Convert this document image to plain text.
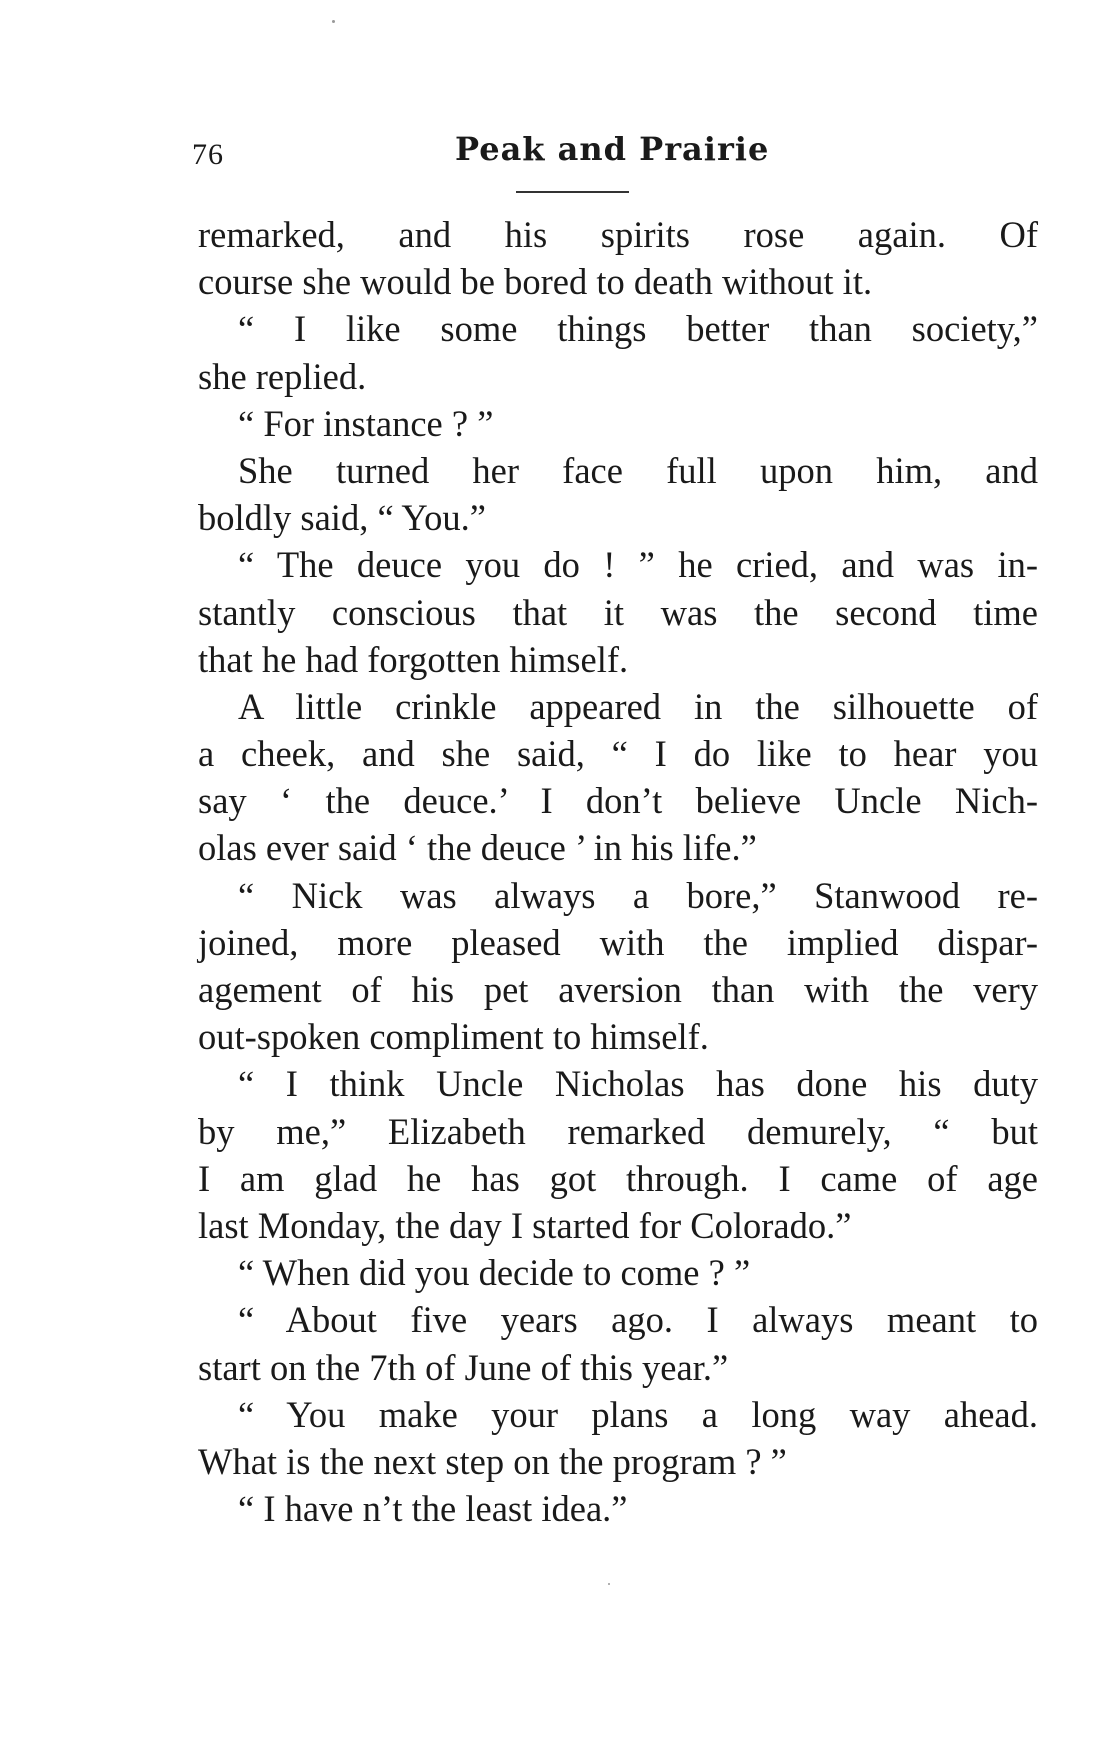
76	Peak and Prairie
remarked, and his spirits rose again. Of
course she would be bored to death without it.
“ I like some things better than society,”
she replied.
“ For instance ? ”
She turned her face full upon him, and
boldly said, “ You.”
“ The deuce you do ! ” he cried, and was in-
stantly conscious that it was the second time
that he had forgotten himself.
A little crinkle appeared in the silhouette of
a cheek, and she said, “ I do like to hear you
say ‘ the deuce.’ I don’t believe Uncle Nich-
olas ever said ‘ the deuce ’ in his life.”
“ Nick was always a bore,” Stanwood re-
joined, more pleased with the implied dispar-
agement of his pet aversion than with the very
out-spoken compliment to himself.
“ I think Uncle Nicholas has done his duty
by me,” Elizabeth remarked demurely, “ but
I am glad he has got through. I came of age
last Monday, the day I started for Colorado.”
“ When did you decide to come ? ”
“ About five years ago. I always meant to
start on the 7th of June of this year.”
“ You make your plans a long way ahead.
What is the next step on the program ? ”
“ I have n’t the least idea.”
